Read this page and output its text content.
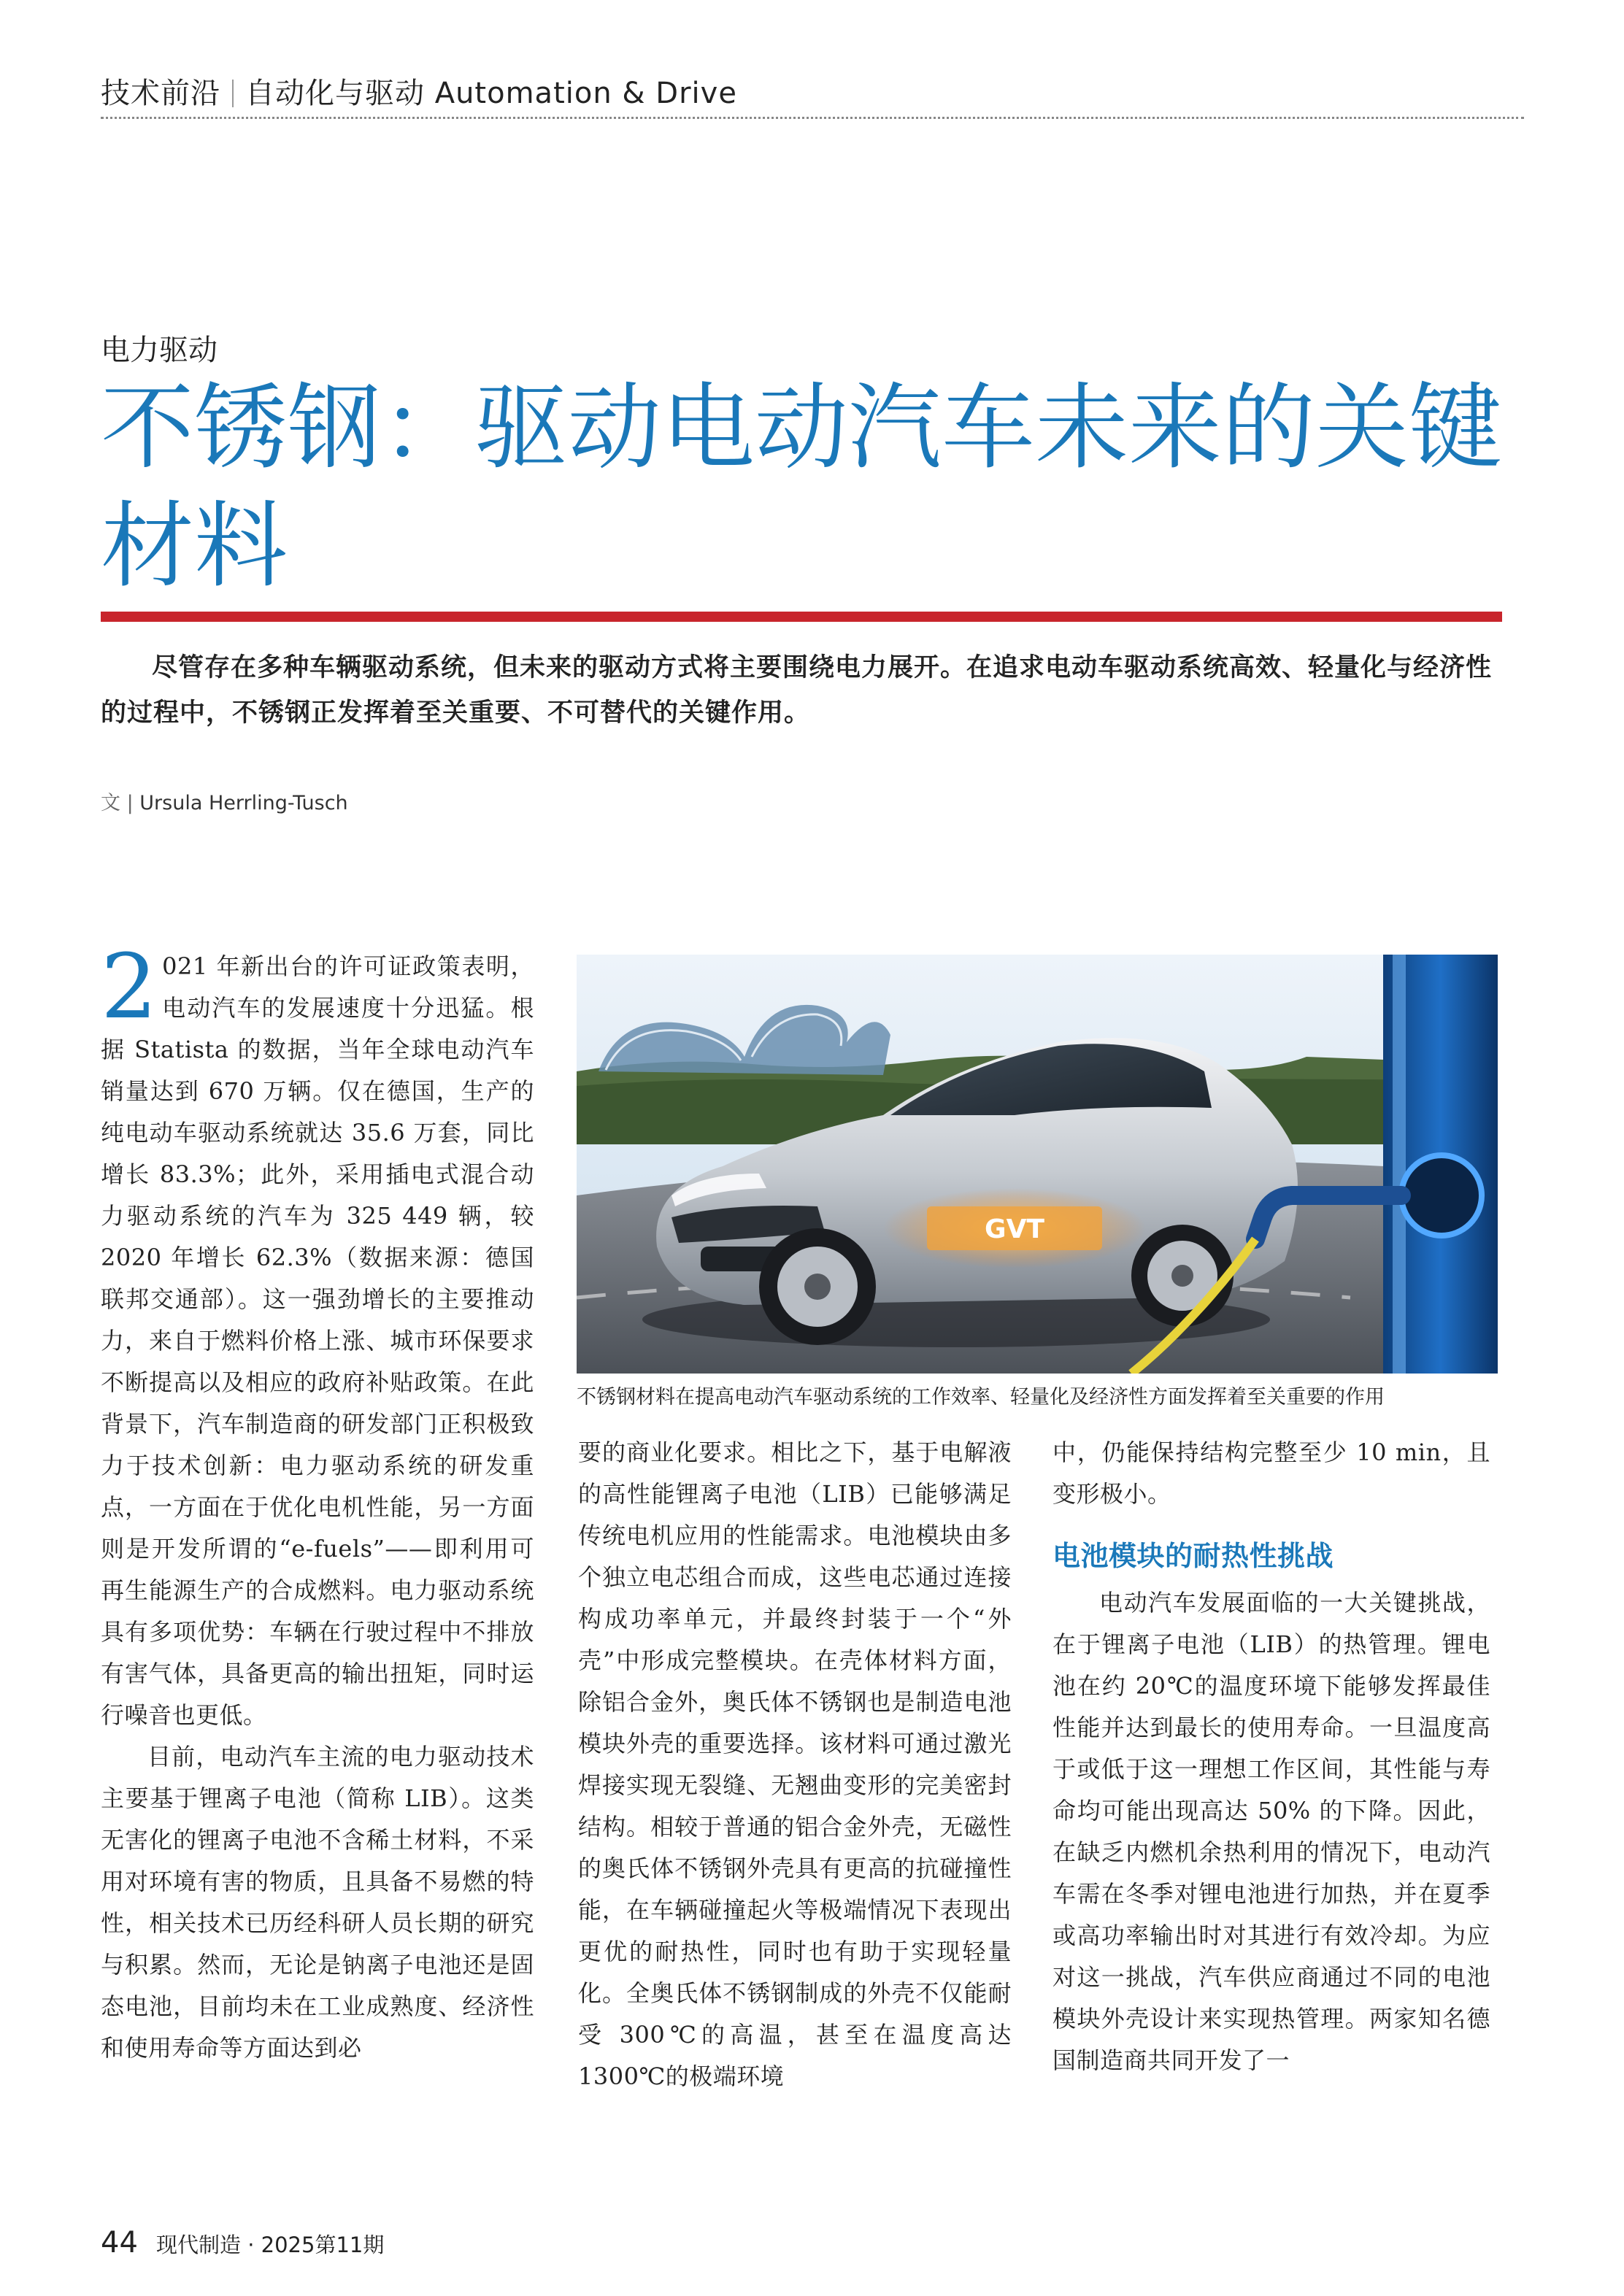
技术前沿 自动化与驱动 Automation & Drive
电力驱动
不锈钢：驱动电动汽车未来的关键材料
尽管存在多种车辆驱动系统，但未来的驱动方式将主要围绕电力展开。在追求电动车驱动系统高效、轻量化与经济性的过程中，不锈钢正发挥着至关重要、不可替代的关键作用。
文 | Ursula Herrling-Tusch
GVT
不锈钢材料在提高电动汽车驱动系统的工作效率、轻量化及经济性方面发挥着至关重要的作用

2 021 年新出台的许可证政策表明，电动汽车的发展速度十分迅猛。根据 Statista 的数据，当年全球电动汽车销量达到 670 万辆。仅在德国，生产的纯电动车驱动系统就达 35.6 万套，同比增长 83.3%；此外，采用插电式混合动力驱动系统的汽车为 325 449 辆，较 2020 年增长 62.3%（数据来源：德国联邦交通部）。这一强劲增长的主要推动力，来自于燃料价格上涨、城市环保要求不断提高以及相应的政府补贴政策。在此背景下，汽车制造商的研发部门正积极致力于技术创新：电力驱动系统的研发重点，一方面在于优化电机性能，另一方面则是开发所谓的“e-fuels”——即利用可再生能源生产的合成燃料。电力驱动系统具有多项优势：车辆在行驶过程中不排放有害气体，具备更高的输出扭矩，同时运行噪音也更低。

目前，电动汽车主流的电力驱动技术主要基于锂离子电池（简称 LIB）。这类无害化的锂离子电池不含稀土材料，不采用对环境有害的物质，且具备不易燃的特性，相关技术已历经科研人员长期的研究与积累。然而，无论是钠离子电池还是固态电池，目前均未在工业成熟度、经济性和使用寿命等方面达到必

要的商业化要求。相比之下，基于电解液的高性能锂离子电池（LIB）已能够满足传统电机应用的性能需求。电池模块由多个独立电芯组合而成，这些电芯通过连接构成功率单元，并最终封装于一个“外壳”中形成完整模块。在壳体材料方面，除铝合金外，奥氏体不锈钢也是制造电池模块外壳的重要选择。该材料可通过激光焊接实现无裂缝、无翘曲变形的完美密封结构。相较于普通的铝合金外壳，无磁性的奥氏体不锈钢外壳具有更高的抗碰撞性能，在车辆碰撞起火等极端情况下表现出更优的耐热性，同时也有助于实现轻量化。全奥氏体不锈钢制成的外壳不仅能耐受 300℃的高温，甚至在温度高达 1300℃的极端环境

中，仍能保持结构完整至少 10 min，且变形极小。

电池模块的耐热性挑战

电动汽车发展面临的一大关键挑战，在于锂离子电池（LIB）的热管理。锂电池在约 20℃的温度环境下能够发挥最佳性能并达到最长的使用寿命。一旦温度高于或低于这一理想工作区间，其性能与寿命均可能出现高达 50% 的下降。因此，在缺乏内燃机余热利用的情况下，电动汽车需在冬季对锂电池进行加热，并在夏季或高功率输出时对其进行有效冷却。为应对这一挑战，汽车供应商通过不同的电池模块外壳设计来实现热管理。两家知名德国制造商共同开发了一

44 现代制造 · 2025第11期
